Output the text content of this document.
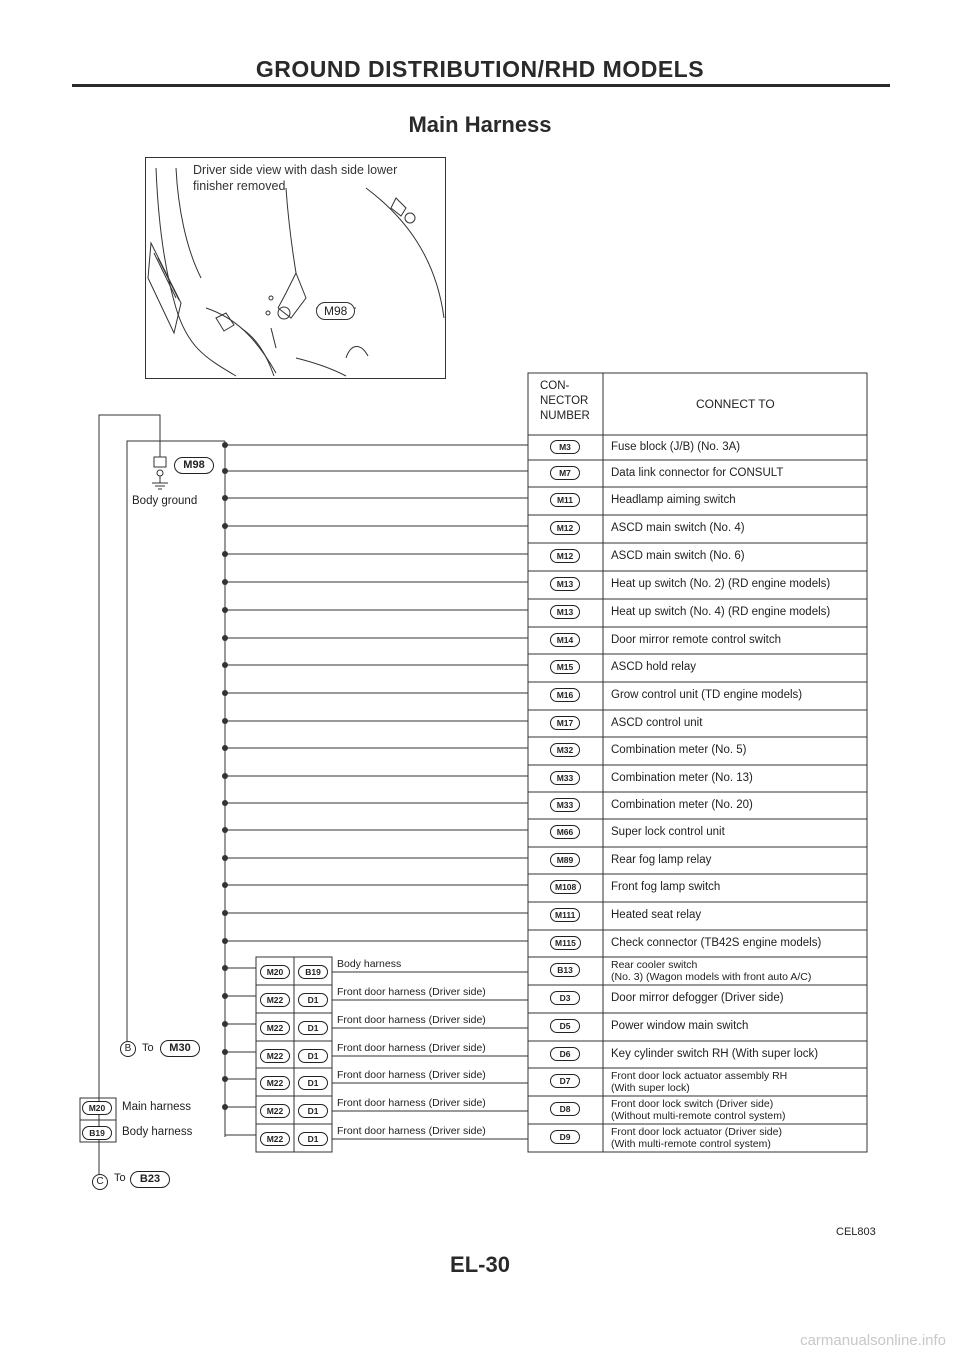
GROUND DISTRIBUTION/RHD MODELS
Main Harness
Driver side view with dash side lower
finisher removed
M98
CON-
NECTOR
NUMBER
CONNECT TO
M3	Fuse block (J/B) (No. 3A)
M7	Data link connector for CONSULT
M11	Headlamp aiming switch
M12	ASCD main switch (No. 4)
M12	ASCD main switch (No. 6)
M13	Heat up switch (No. 2) (RD engine models)
M13	Heat up switch (No. 4) (RD engine models)
M14	Door mirror remote control switch
M15	ASCD hold relay
M16	Grow control unit (TD engine models)
M17	ASCD control unit
M32	Combination meter (No. 5)
M33	Combination meter (No. 13)
M33	Combination meter (No. 20)
M66	Super lock control unit
M89	Rear fog lamp relay
M108	Front fog lamp switch
M111	Heated seat relay
M115	Check connector (TB42S engine models)
B13	Rear cooler switch
(No. 3) (Wagon models with front auto A/C)
M20	B19
Body harness
D3	Door mirror defogger (Driver side)
M22	D1
Front door harness (Driver side)
D5	Power window main switch
M22	D1
Front door harness (Driver side)
D6	Key cylinder switch RH (With super lock)
M22	D1
Front door harness (Driver side)
D7	Front door lock actuator assembly RH
(With super lock)
M22	D1
Front door harness (Driver side)
D8	Front door lock switch (Driver side)
(Without multi-remote control system)
M22	D1
Front door harness (Driver side)
D9	Front door lock actuator (Driver side)
(With multi-remote control system)
M22	D1
Front door harness (Driver side)
M98
Body ground
B To	M30
M20	Main harness
B19	Body harness
C To	B23
CEL803
EL-30
carmanualsonline.info
